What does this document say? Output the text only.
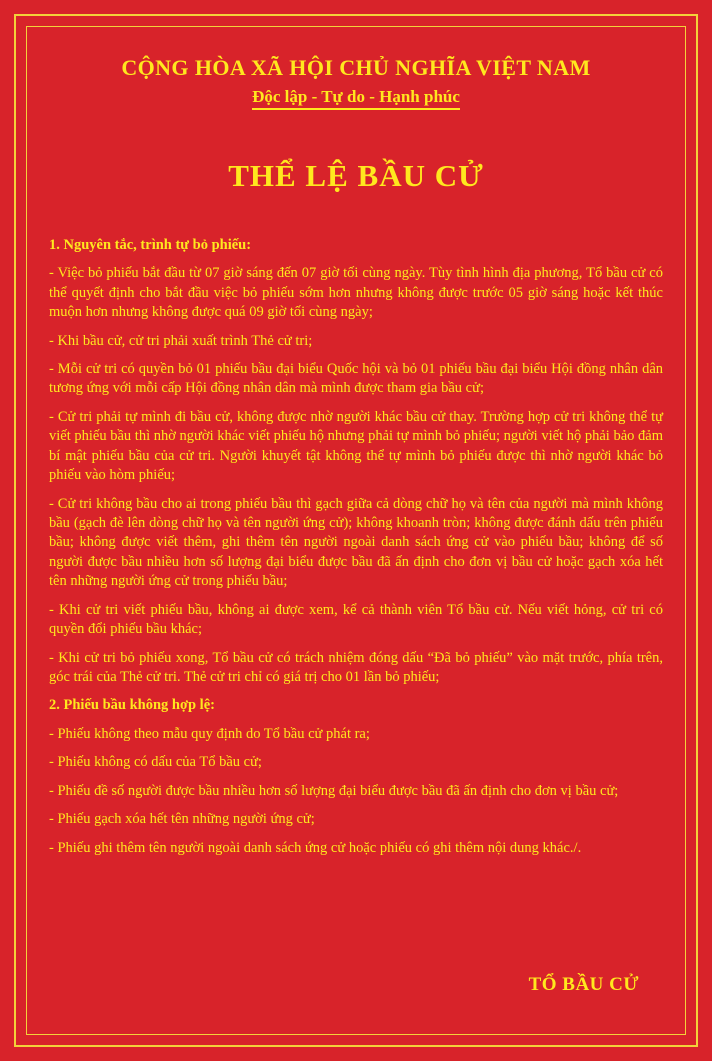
CỘNG HÒA XÃ HỘI CHỦ NGHĨA VIỆT NAM
Độc lập - Tự do - Hạnh phúc
THỂ LỆ BẦU CỬ
1. Nguyên tắc, trình tự bỏ phiếu:

- Việc bỏ phiếu bắt đầu từ 07 giờ sáng đến 07 giờ tối cùng ngày. Tùy tình hình địa phương, Tổ bầu cử có thể quyết định cho bắt đầu việc bỏ phiếu sớm hơn nhưng không được trước 05 giờ sáng hoặc kết thúc muộn hơn nhưng không được quá 09 giờ tối cùng ngày;

- Khi bầu cử, cử tri phải xuất trình Thẻ cử tri;

- Mỗi cử tri có quyền bỏ 01 phiếu bầu đại biểu Quốc hội và bỏ 01 phiếu bầu đại biểu Hội đồng nhân dân tương ứng với mỗi cấp Hội đồng nhân dân mà mình được tham gia bầu cử;

- Cử tri phải tự mình đi bầu cử, không được nhờ người khác bầu cử thay. Trường hợp cử tri không thể tự viết phiếu bầu thì nhờ người khác viết phiếu hộ nhưng phải tự mình bỏ phiếu; người viết hộ phải bảo đảm bí mật phiếu bầu của cử tri. Người khuyết tật không thể tự mình bỏ phiếu được thì nhờ người khác bỏ phiếu vào hòm phiếu;

- Cử tri không bầu cho ai trong phiếu bầu thì gạch giữa cả dòng chữ họ và tên của người mà mình không bầu (gạch đè lên dòng chữ họ và tên người ứng cử); không khoanh tròn; không được đánh dấu trên phiếu bầu; không được viết thêm, ghi thêm tên người ngoài danh sách ứng cử vào phiếu bầu; không để số người được bầu nhiều hơn số lượng đại biểu được bầu đã ấn định cho đơn vị bầu cử hoặc gạch xóa hết tên những người ứng cử trong phiếu bầu;

- Khi cử tri viết phiếu bầu, không ai được xem, kể cả thành viên Tổ bầu cử. Nếu viết hỏng, cử tri có quyền đổi phiếu bầu khác;

- Khi cử tri bỏ phiếu xong, Tổ bầu cử có trách nhiệm đóng dấu “Đã bỏ phiếu” vào mặt trước, phía trên, góc trái của Thẻ cử tri. Thẻ cử tri chỉ có giá trị cho 01 lần bỏ phiếu;

2. Phiếu bầu không hợp lệ:

- Phiếu không theo mẫu quy định do Tổ bầu cử phát ra;

- Phiếu không có dấu của Tổ bầu cử;

- Phiếu đề số người được bầu nhiều hơn số lượng đại biểu được bầu đã ấn định cho đơn vị bầu cử;

- Phiếu gạch xóa hết tên những người ứng cử;

- Phiếu ghi thêm tên người ngoài danh sách ứng cử hoặc phiếu có ghi thêm nội dung khác./.

TỔ BẦU CỬ
